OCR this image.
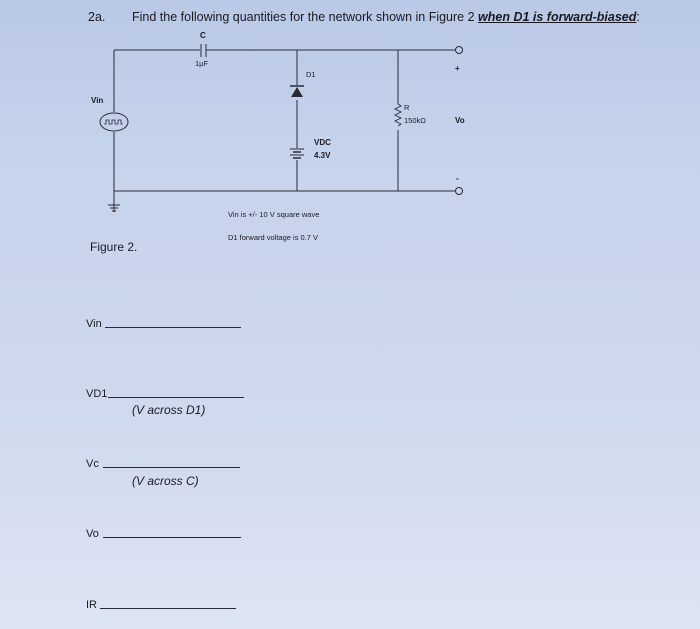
2a. Find the following quantities for the network shown in Figure 2 when D1 is forward-biased:
C
1μF
D1
Vin
R
150kΩ	Vo
+
-
VDC
4.3V
Vin is +/- 10 V square wave
D1 forward voltage is 0.7 V
Figure 2.
Vin
VD1
(V across D1)
Vc
(V across C)
Vo
IR
